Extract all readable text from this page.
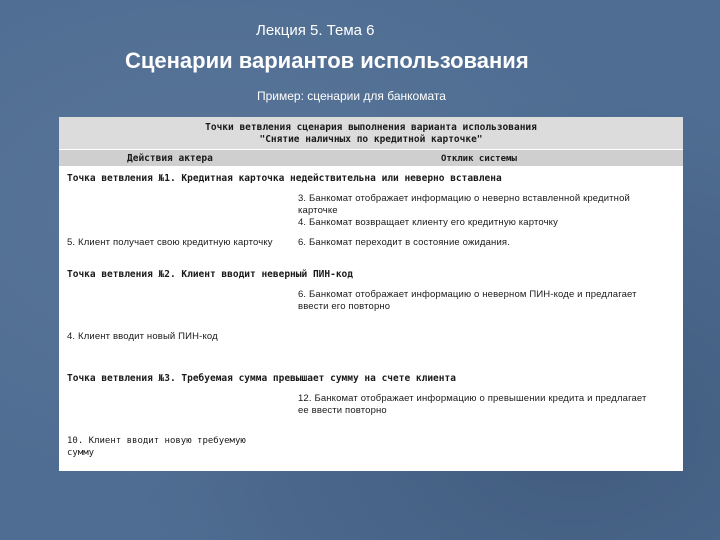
Лекция 5. Тема 6
Сценарии вариантов использования
Пример: сценарии для банкомата
Точки ветвления сценария выполнения варианта использования
"Снятие наличных по кредитной карточке"
Действия актера	Отклик системы
Точка ветвления №1. Кредитная карточка недействительна или неверно вставлена
3. Банкомат отображает информацию о неверно вставленной кредитной карточке
4. Банкомат возвращает клиенту его кредитную карточку
5. Клиент получает свою кредитную карточку	6. Банкомат переходит в состояние ожидания.
Точка ветвления №2. Клиент вводит неверный ПИН-код
6. Банкомат отображает информацию о неверном ПИН-коде и предлагает ввести его повторно
4. Клиент вводит новый ПИН-код
Точка ветвления №3. Требуемая сумма превышает сумму на счете клиента
12. Банкомат отображает информацию о превышении кредита и предлагает ее ввести повторно
10. Клиент вводит новую требуемую сумму
